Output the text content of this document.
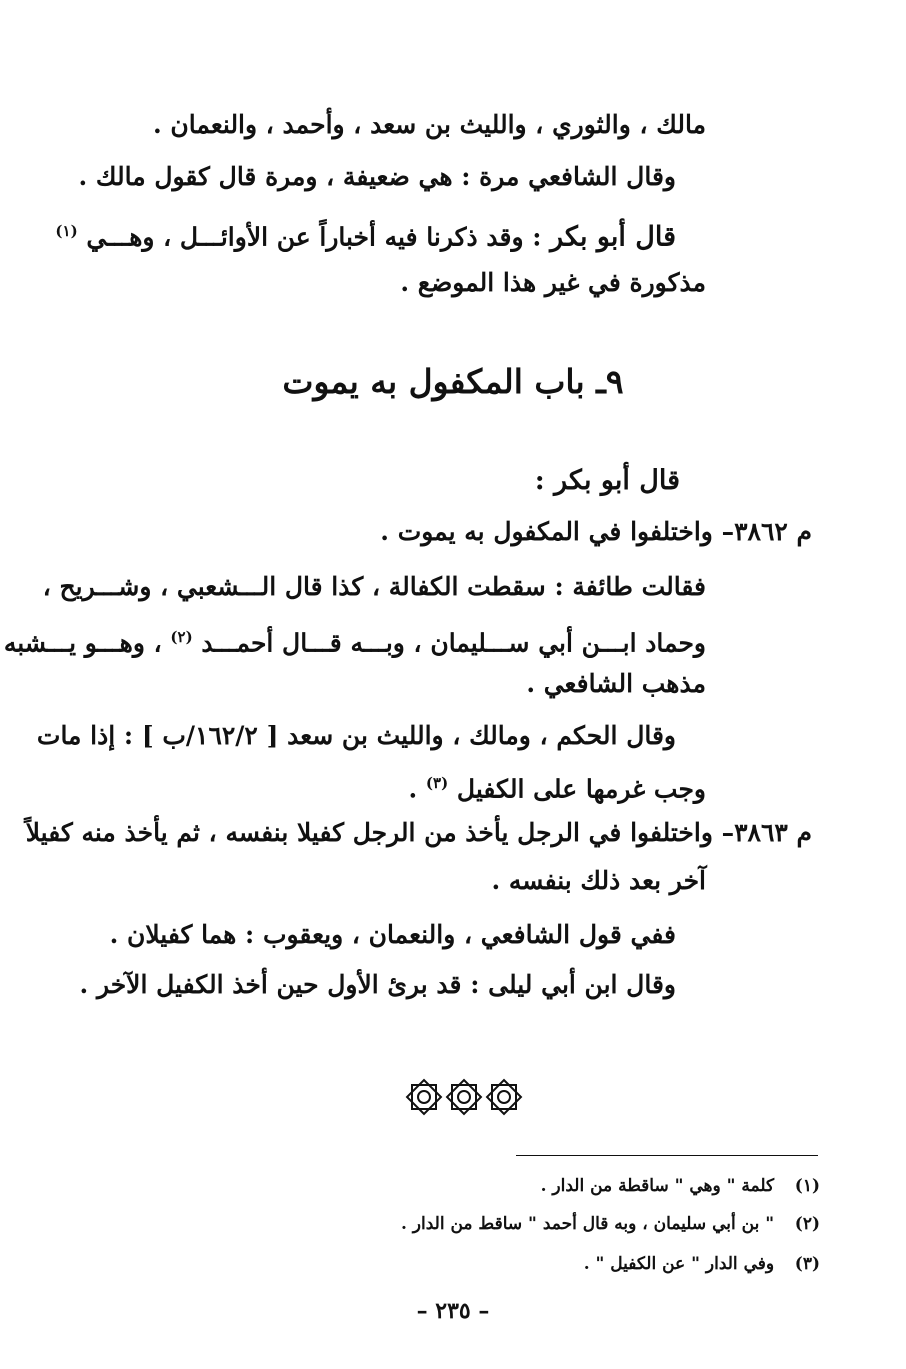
مالك ، والثوري ، والليث بن سعد ، وأحمد ، والنعمان .
وقال الشافعي مرة : هي ضعيفة ، ومرة قال كقول مالك .
قال أبو بكر : وقد ذكرنا فيه أخباراً عن الأوائـــل ، وهـــي $^{(١)}$
مذكورة في غير هذا الموضع .
٩ـ باب المكفول به يموت
قال أبو بكر :
م ٣٨٦٢– واختلفوا في المكفول به يموت .
فقالت طائفة : سقطت الكفالة ، كذا قال الـــشعبي ، وشـــريح ،
وحماد ابـــن أبي ســـليمان ، وبـــه قـــال أحمـــد $^{(٢)}$ ، وهـــو يـــشبه
مذهب الشافعي .
وقال الحكم ، ومالك ، والليث بن سعد [ ١٦٢/٢/ب ] : إذا مات
وجب غرمها على الكفيل $^{(٣)}$ .
م ٣٨٦٣– واختلفوا في الرجل يأخذ من الرجل كفيلا بنفسه ، ثم يأخذ منه كفيلاً
آخر بعد ذلك بنفسه .
ففي قول الشافعي ، والنعمان ، ويعقوب : هما كفيلان .
وقال ابن أبي ليلى : قد برئ الأول حين أخذ الكفيل الآخر .
(١) كلمة " وهي " ساقطة من الدار .
(٢) " بن أبي سليمان ، وبه قال أحمد " ساقط من الدار .
(٣) وفي الدار " عن الكفيل " .
– ٢٣٥ –
